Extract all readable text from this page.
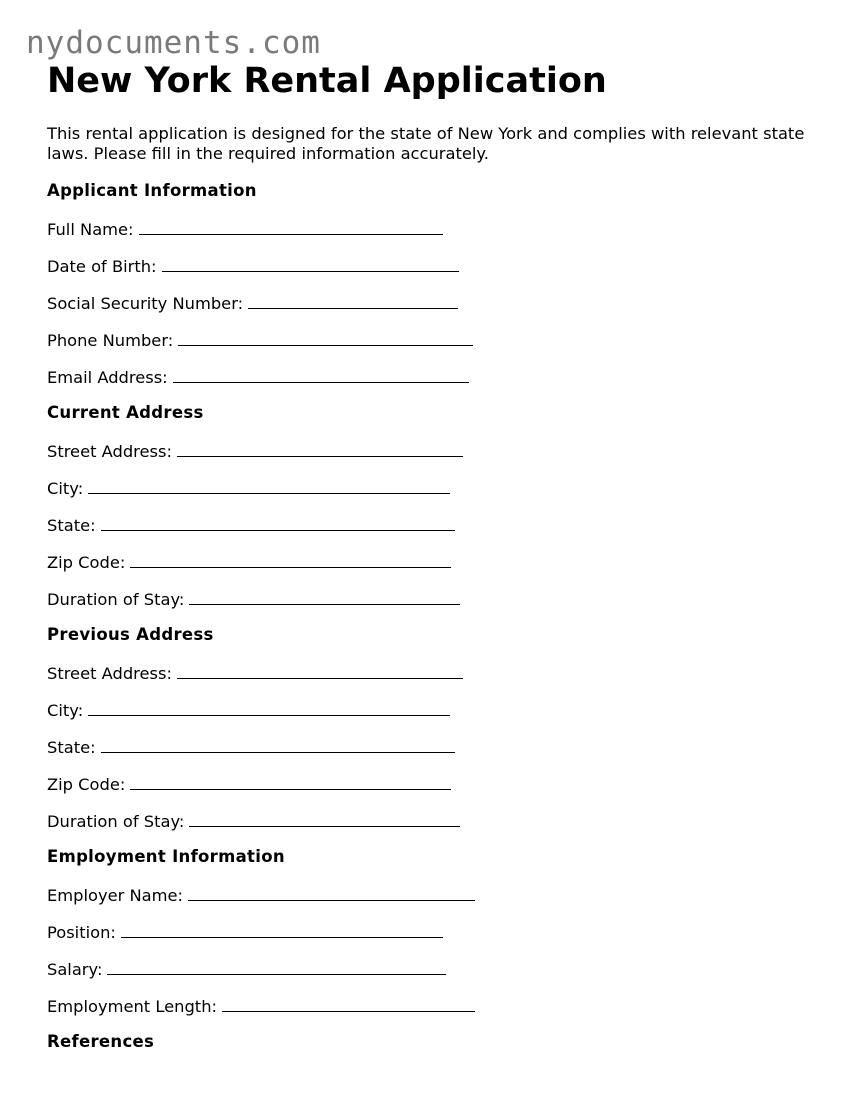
nydocuments.com
New York Rental Application

This rental application is designed for the state of New York and complies with relevant state laws. Please fill in the required information accurately.

Applicant Information
Full Name:
Date of Birth:
Social Security Number:
Phone Number:
Email Address:
Current Address
Street Address:
City:
State:
Zip Code:
Duration of Stay:
Previous Address
Street Address:
City:
State:
Zip Code:
Duration of Stay:
Employment Information
Employer Name:
Position:
Salary:
Employment Length:
References
